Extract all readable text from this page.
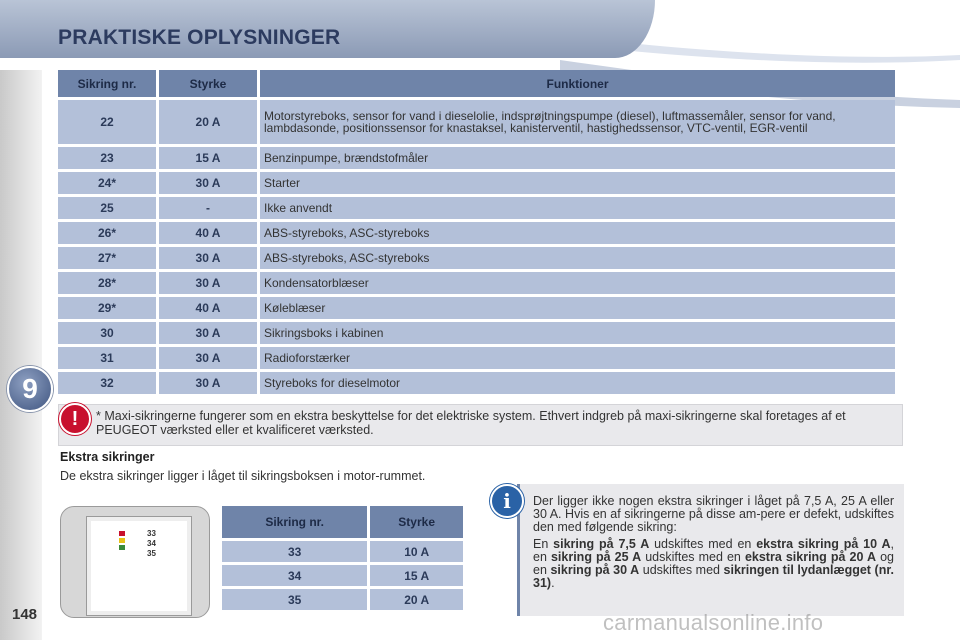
PRAKTISKE OPLYSNINGER
9
148
Sikring nr.	Styrke	Funktioner
22	20 A	Motorstyreboks, sensor for vand i dieselolie, indsprøjtningspumpe (diesel), luftmassemåler, sensor for vand, lambdasonde, positionssensor for knastaksel, kanisterventil, hastighedssensor, VTC-ventil, EGR-ventil
23	15 A	Benzinpumpe, brændstofmåler
24*	30 A	Starter
25	-	Ikke anvendt
26*	40 A	ABS-styreboks, ASC-styreboks
27*	30 A	ABS-styreboks, ASC-styreboks
28*	30 A	Kondensatorblæser
29*	40 A	Køleblæser
30	30 A	Sikringsboks i kabinen
31	30 A	Radioforstærker
32	30 A	Styreboks for dieselmotor
!	* Maxi-sikringerne fungerer som en ekstra beskyttelse for det elektriske system. Ethvert indgreb på maxi-sikringerne skal foretages af et PEUGEOT værksted eller et kvalificeret værksted.
Ekstra sikringer
De ekstra sikringer ligger i låget til sikringsboksen i motor-rummet.
33
34
35
Sikring nr.	Styrke
33	10 A
34	15 A
35	20 A

Der ligger ikke nogen ekstra sikringer i låget på 7,5 A, 25 A eller 30 A. Hvis en af sikringerne på disse am-pere er defekt, udskiftes den med følgende sikring:

En sikring på 7,5 A udskiftes med en ekstra sikring på 10 A, en sikring på 25 A udskiftes med en ekstra sikring på 20 A og en sikring på 30 A udskiftes med sikringen til lydanlægget (nr. 31).

i
carmanualsonline.info
